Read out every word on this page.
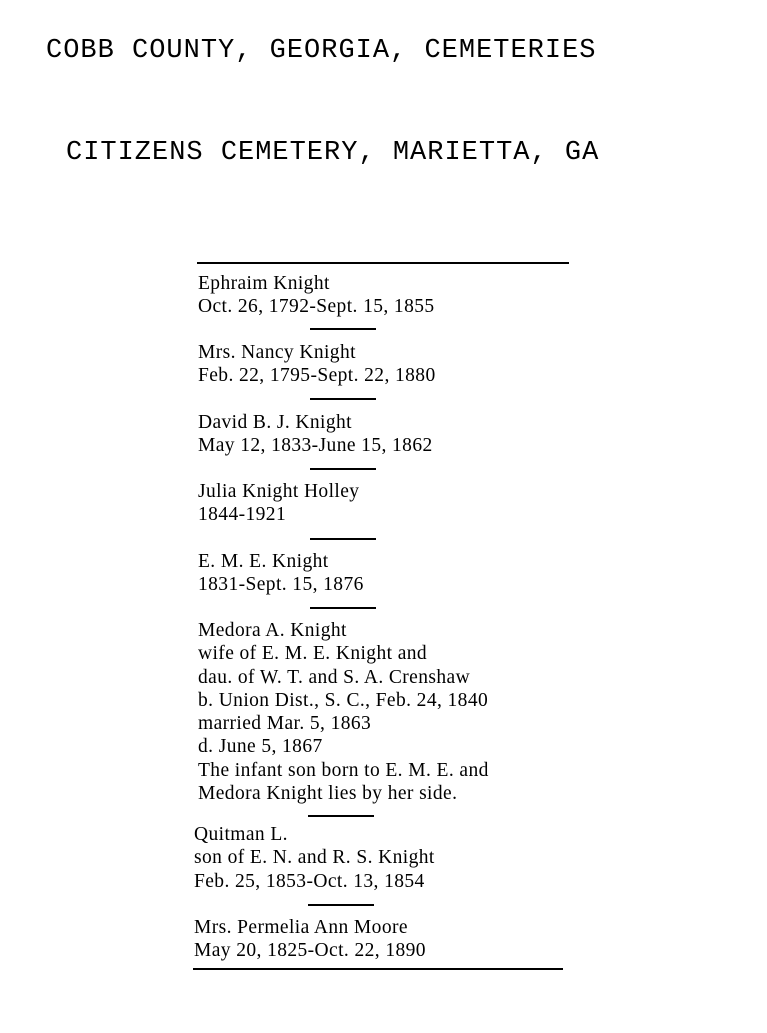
COBB COUNTY, GEORGIA, CEMETERIES
CITIZENS CEMETERY, MARIETTA, GA
Ephraim Knight
Oct. 26, 1792-Sept. 15, 1855
Mrs. Nancy Knight
Feb. 22, 1795-Sept. 22, 1880
David B. J. Knight
May 12, 1833-June 15, 1862
Julia Knight Holley
1844-1921
E. M. E. Knight
1831-Sept. 15, 1876
Medora A. Knight
wife of E. M. E. Knight and
dau. of W. T. and S. A. Crenshaw
b. Union Dist., S. C., Feb. 24, 1840
married Mar. 5, 1863
d. June 5, 1867
The infant son born to E. M. E. and
Medora Knight lies by her side.
Quitman L.
son of E. N. and R. S. Knight
Feb. 25, 1853-Oct. 13, 1854
Mrs. Permelia Ann Moore
May 20, 1825-Oct. 22, 1890
